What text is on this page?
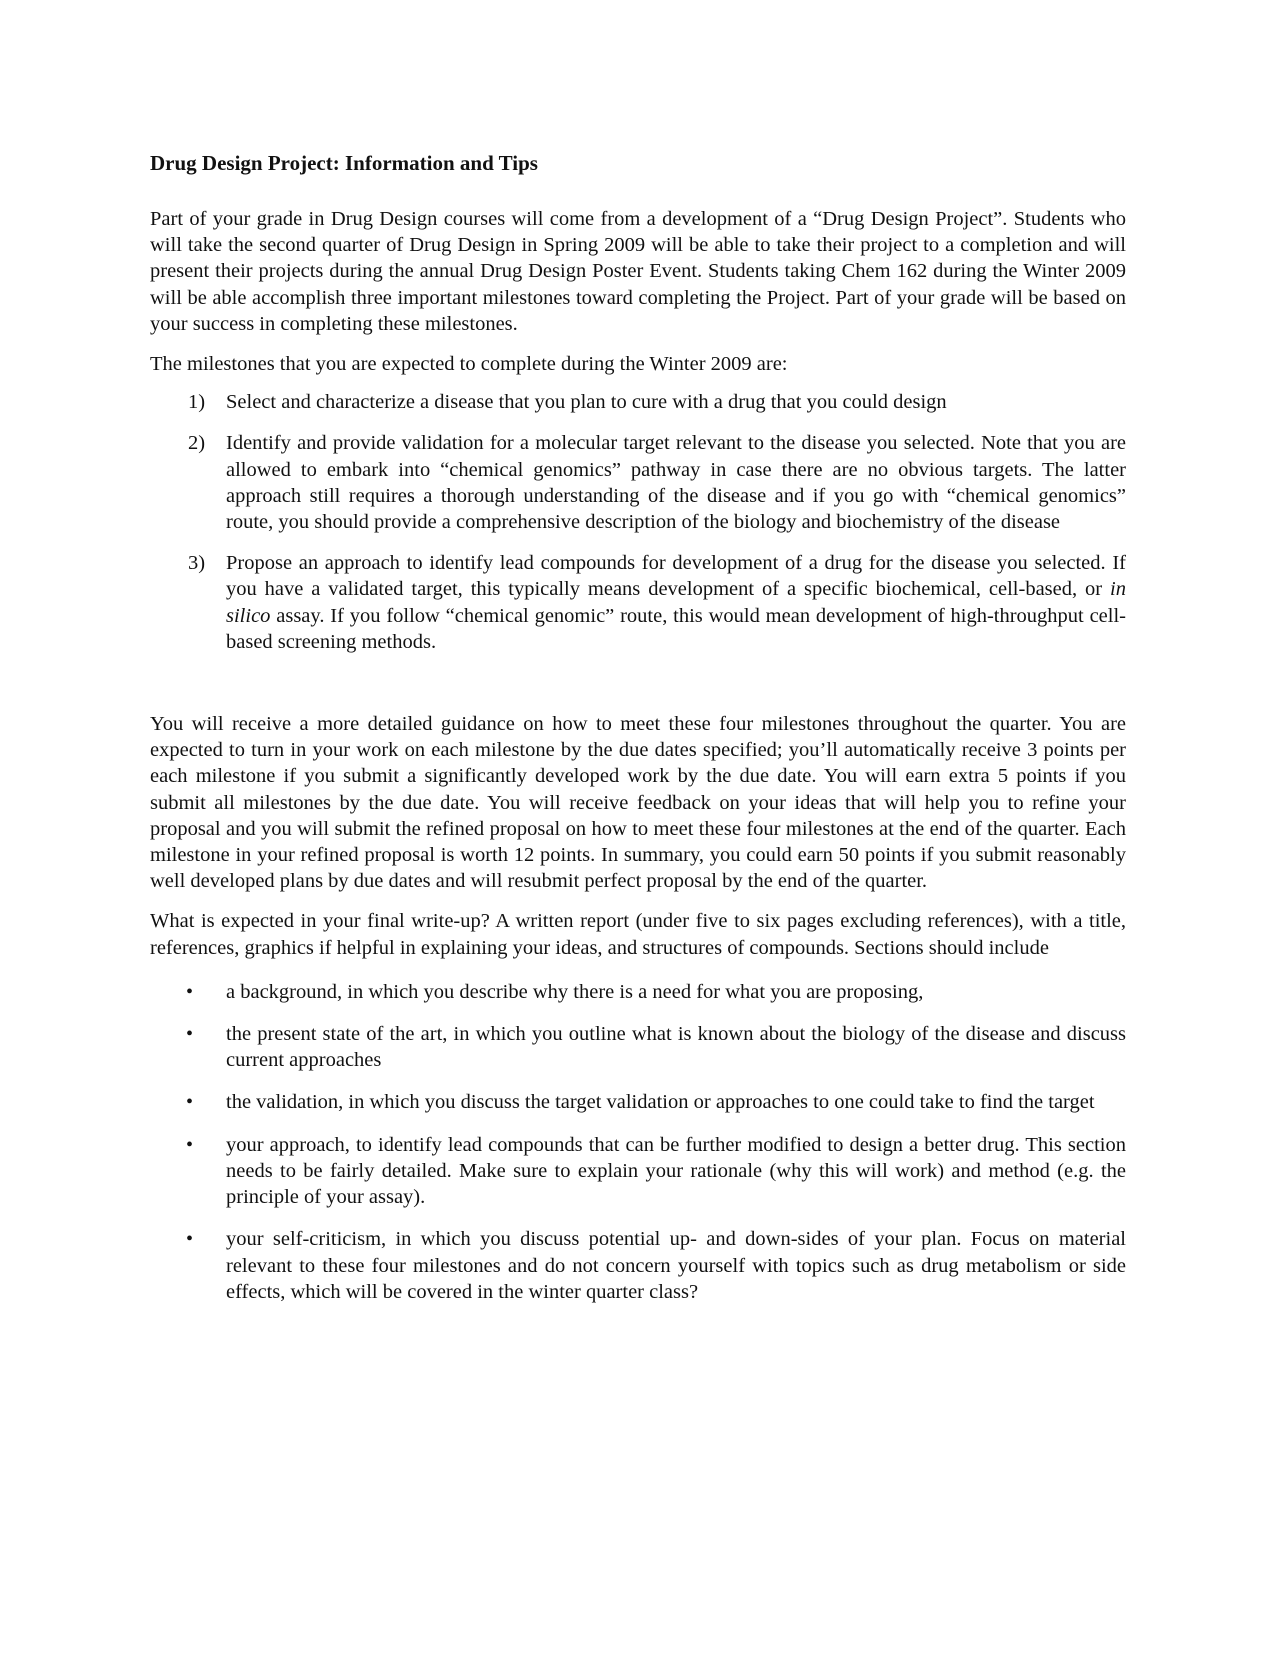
Drug Design Project: Information and Tips

Part of your grade in Drug Design courses will come from a development of a “Drug Design Project”. Students who will take the second quarter of Drug Design in Spring 2009 will be able to take their project to a completion and will present their projects during the annual Drug Design Poster Event. Students taking Chem 162 during the Winter 2009 will be able accomplish three important milestones toward completing the Project. Part of your grade will be based on your success in completing these milestones.

The milestones that you are expected to complete during the Winter 2009 are:

1) Select and characterize a disease that you plan to cure with a drug that you could design
2) Identify and provide validation for a molecular target relevant to the disease you selected. Note that you are allowed to embark into “chemical genomics” pathway in case there are no obvious targets. The latter approach still requires a thorough understanding of the disease and if you go with “chemical genomics” route, you should provide a comprehensive description of the biology and biochemistry of the disease
3) Propose an approach to identify lead compounds for development of a drug for the disease you selected. If you have a validated target, this typically means development of a specific biochemical, cell-based, or in silico assay. If you follow “chemical genomic” route, this would mean development of high-throughput cell-based screening methods.

You will receive a more detailed guidance on how to meet these four milestones throughout the quarter. You are expected to turn in your work on each milestone by the due dates specified; you’ll automatically receive 3 points per each milestone if you submit a significantly developed work by the due date. You will earn extra 5 points if you submit all milestones by the due date. You will receive feedback on your ideas that will help you to refine your proposal and you will submit the refined proposal on how to meet these four milestones at the end of the quarter. Each milestone in your refined proposal is worth 12 points. In summary, you could earn 50 points if you submit reasonably well developed plans by due dates and will resubmit perfect proposal by the end of the quarter.

What is expected in your final write-up? A written report (under five to six pages excluding references), with a title, references, graphics if helpful in explaining your ideas, and structures of compounds. Sections should include

• a background, in which you describe why there is a need for what you are proposing,
• the present state of the art, in which you outline what is known about the biology of the disease and discuss current approaches
• the validation, in which you discuss the target validation or approaches to one could take to find the target
• your approach, to identify lead compounds that can be further modified to design a better drug. This section needs to be fairly detailed. Make sure to explain your rationale (why this will work) and method (e.g. the principle of your assay).
• your self-criticism, in which you discuss potential up- and down-sides of your plan. Focus on material relevant to these four milestones and do not concern yourself with topics such as drug metabolism or side effects, which will be covered in the winter quarter class?
